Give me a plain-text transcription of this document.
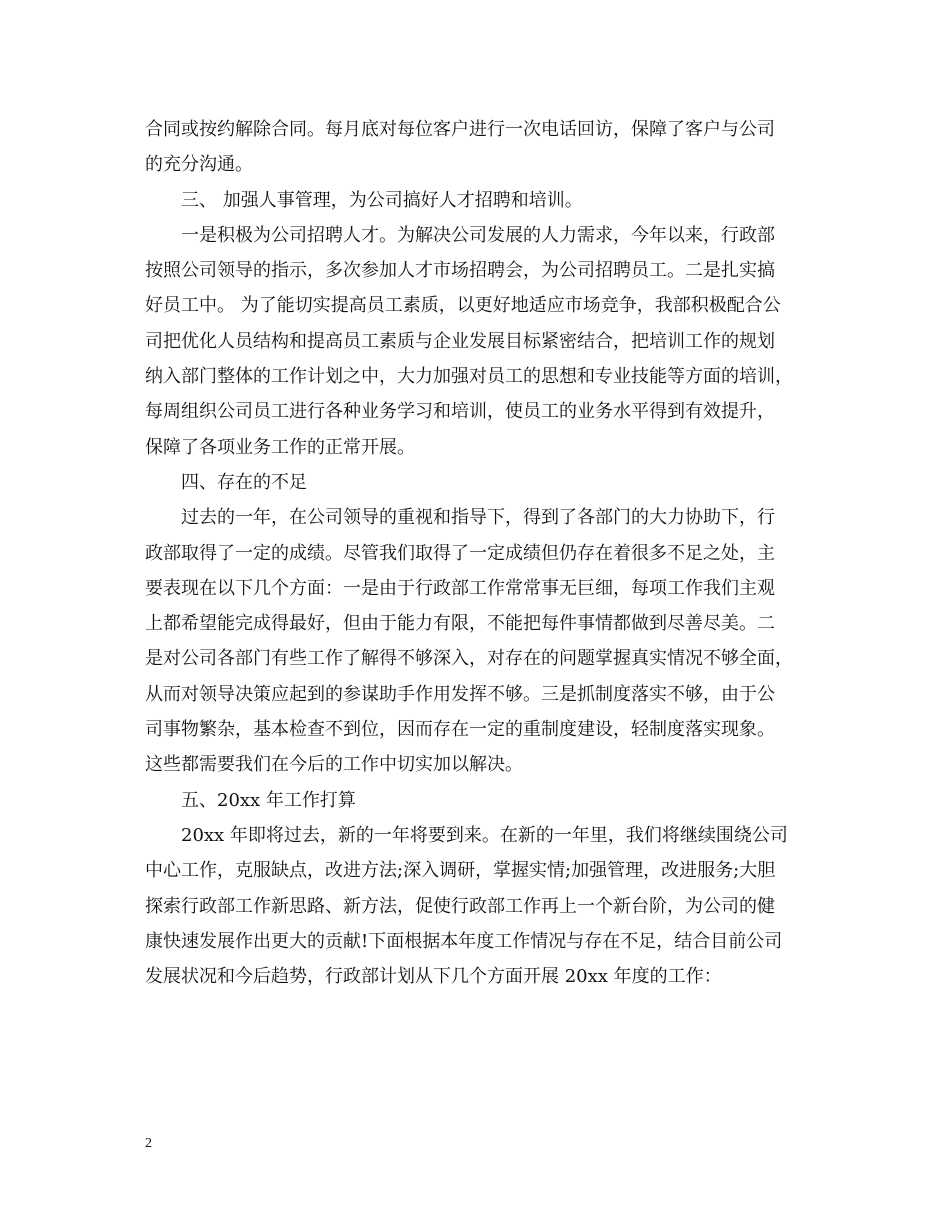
合同或按约解除合同。每月底对每位客户进行一次电话回访，保障了客户与公司
的充分沟通。
三、 加强人事管理，为公司搞好人才招聘和培训。
一是积极为公司招聘人才。为解决公司发展的人力需求，今年以来，行政部
按照公司领导的指示，多次参加人才市场招聘会，为公司招聘员工。二是扎实搞
好员工中。 为了能切实提高员工素质，以更好地适应市场竞争，我部积极配合公
司把优化人员结构和提高员工素质与企业发展目标紧密结合，把培训工作的规划
纳入部门整体的工作计划之中，大力加强对员工的思想和专业技能等方面的培训，
每周组织公司员工进行各种业务学习和培训，使员工的业务水平得到有效提升，
保障了各项业务工作的正常开展。
四、存在的不足
过去的一年，在公司领导的重视和指导下，得到了各部门的大力协助下，行
政部取得了一定的成绩。尽管我们取得了一定成绩但仍存在着很多不足之处，主
要表现在以下几个方面：一是由于行政部工作常常事无巨细，每项工作我们主观
上都希望能完成得最好，但由于能力有限，不能把每件事情都做到尽善尽美。二
是对公司各部门有些工作了解得不够深入，对存在的问题掌握真实情况不够全面，
从而对领导决策应起到的参谋助手作用发挥不够。三是抓制度落实不够，由于公
司事物繁杂，基本检查不到位，因而存在一定的重制度建设，轻制度落实现象。
这些都需要我们在今后的工作中切实加以解决。
五、20xx 年工作打算
20xx 年即将过去，新的一年将要到来。在新的一年里，我们将继续围绕公司
中心工作，克服缺点，改进方法;深入调研，掌握实情;加强管理，改进服务;大胆
探索行政部工作新思路、新方法，促使行政部工作再上一个新台阶，为公司的健
康快速发展作出更大的贡献!下面根据本年度工作情况与存在不足，结合目前公司
发展状况和今后趋势，行政部计划从下几个方面开展 20xx 年度的工作：
2
